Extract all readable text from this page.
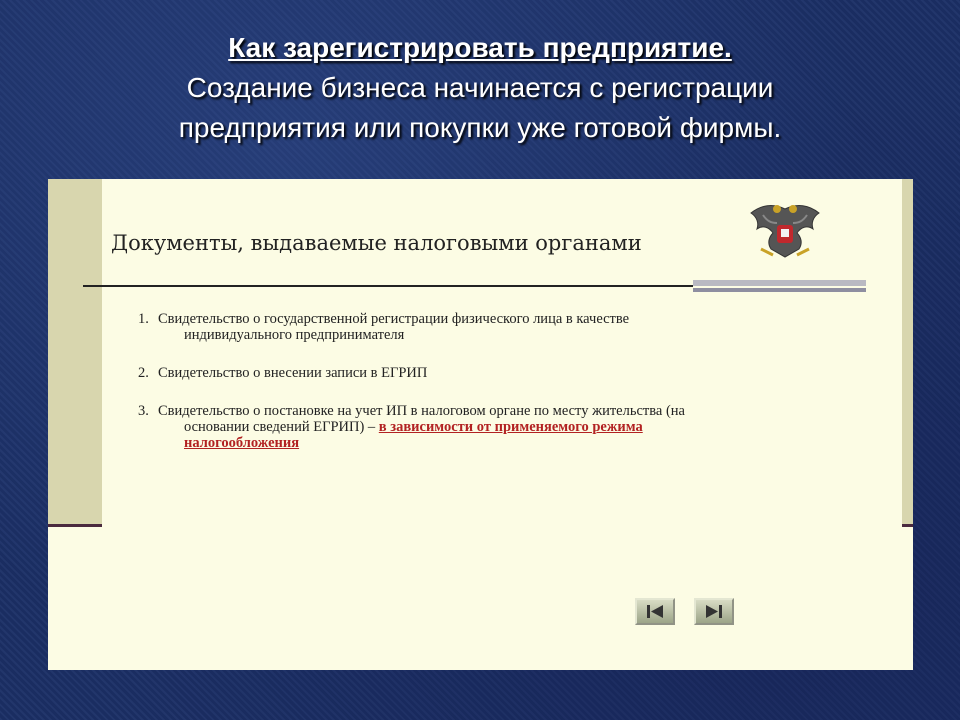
Как зарегистрировать предприятие.
Создание бизнеса начинается с регистрации
предприятия или покупки уже готовой фирмы.
Документы, выдаваемые налоговыми органами
1. Свидетельство о государственной регистрации физического лица в качестве
индивидуального предпринимателя
2. Свидетельство о внесении записи в ЕГРИП
3. Свидетельство о постановке на учет ИП в налоговом органе по месту жительства (на
основании сведений ЕГРИП) – в зависимости от применяемого режима
налогообложения
